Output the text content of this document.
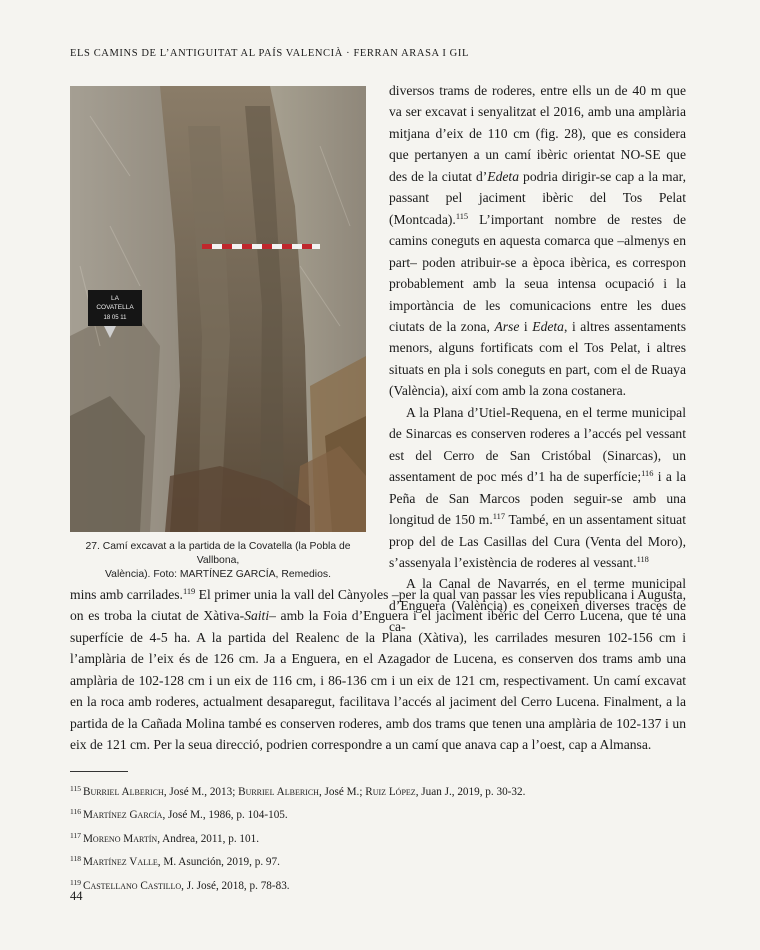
ELS CAMINS DE L’ANTIGUITAT AL PAÍS VALENCIÀ · FERRAN ARASA I GIL
LA
COVATELLA
18 05 11
27. Camí excavat a la partida de la Covatella (la Pobla de Vallbona,
València). Foto: MARTÍNEZ GARCÍA, Remedios.

diversos trams de roderes, entre ells un de 40 m que va ser excavat i senyalitzat el 2016, amb una amplària mitjana d’eix de 110 cm (fig. 28), que es considera que pertanyen a un camí ibèric orientat NO-SE que des de la ciutat d’Edeta podria dirigir-se cap a la mar, passant pel jaciment ibèric del Tos Pelat (Montcada).$^{115}$ L’important nombre de restes de camins coneguts en aquesta comarca que –almenys en part– poden atribuir-se a època ibèrica, es correspon probablement amb la seua intensa ocupació i la importància de les comunicacions entre les dues ciutats de la zona, Arse i Edeta, i altres assentaments menors, alguns fortificats com el Tos Pelat, i altres situats en pla i sols coneguts en part, com el de Ruaya (València), així com amb la zona costanera.

A la Plana d’Utiel-Requena, en el terme municipal de Sinarcas es conserven roderes a l’accés pel vessant est del Cerro de San Cristóbal (Sinarcas), un assentament de poc més d’1 ha de superfície;$^{116}$ i a la Peña de San Marcos poden seguir-se amb una longitud de 150 m.$^{117}$ També, en un assentament situat prop del de Las Casillas del Cura (Venta del Moro), s’assenyala l’existència de roderes al vessant.$^{118}$

A la Canal de Navarrés, en el terme municipal d’Enguera (València) es coneixen diverses traces de ca-

mins amb carrilades.$^{119}$ El primer unia la vall del Cànyoles –per la qual van passar les vies republicana i Augusta, on es troba la ciutat de Xàtiva-Saiti– amb la Foia d’Enguera i el jaciment ibèric del Cerro Lucena, que té una superfície de 4-5 ha. A la partida del Realenc de la Plana (Xàtiva), les carrilades mesuren 102-156 cm i l’amplària de l’eix és de 126 cm. Ja a Enguera, en el Azagador de Lucena, es conserven dos trams amb una amplària de 102-128 cm i un eix de 116 cm, i 86-136 cm i un eix de 121 cm, respectivament. Un camí excavat en la roca amb roderes, actualment desaparegut, facilitava l’accés al jaciment del Cerro Lucena. Finalment, a la partida de la Cañada Molina també es conserven roderes, amb dos trams que tenen una amplària de 102-137 i un eix de 121 cm. Per la seua direcció, podrien correspondre a un camí que anava cap a l’oest, cap a Almansa.

$^{115}$ Burriel Alberich, José M., 2013; Burriel Alberich, José M.; Ruiz López, Juan J., 2019, p. 30-32.
$^{116}$ Martínez García, José M., 1986, p. 104-105.
$^{117}$ Moreno Martín, Andrea, 2011, p. 101.
$^{118}$ Martínez Valle, M. Asunción, 2019, p. 97.
$^{119}$ Castellano Castillo, J. José, 2018, p. 78-83.
44
